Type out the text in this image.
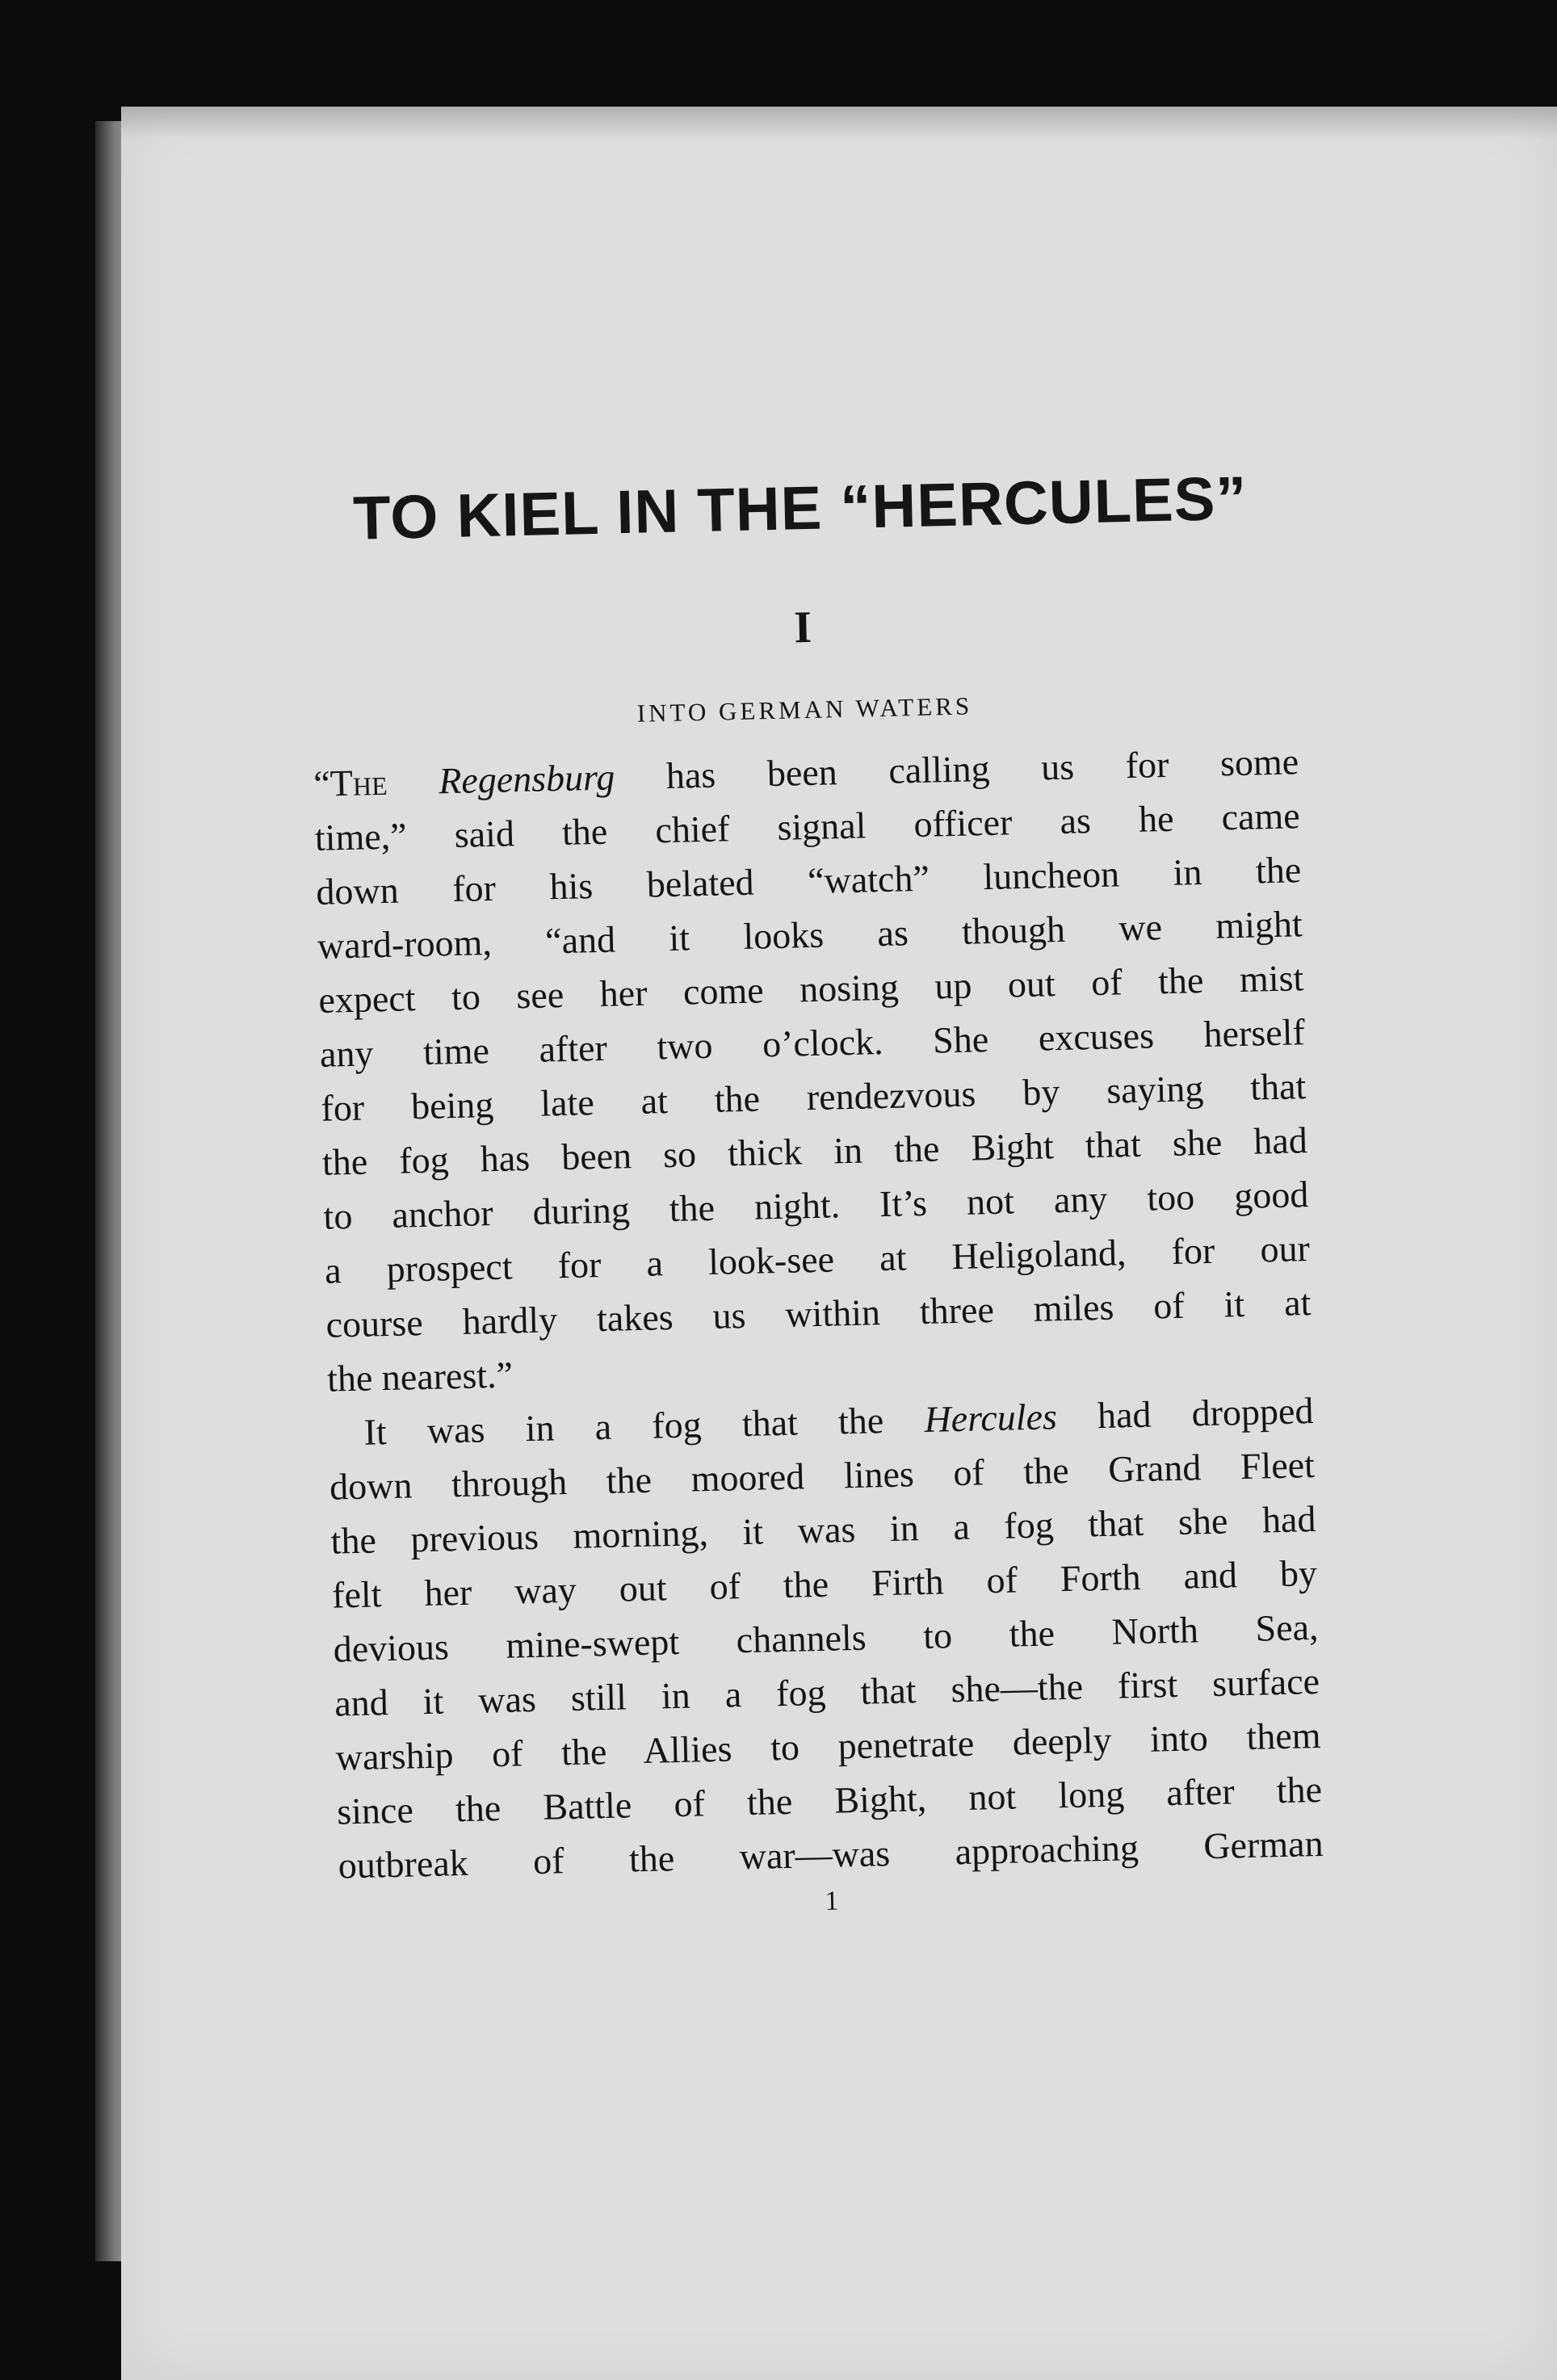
TO KIEL IN THE “HERCULES”
I
INTO GERMAN WATERS

“The Regensburg has been calling us for some
time,” said the chief signal officer as he came
down for his belated “watch” luncheon in the
ward-room, “and it looks as though we might
expect to see her come nosing up out of the mist
any time after two o’clock. She excuses herself
for being late at the rendezvous by saying that
the fog has been so thick in the Bight that she had
to anchor during the night. It’s not any too good
a prospect for a look-see at Heligoland, for our
course hardly takes us within three miles of it at
the nearest.”

It was in a fog that the Hercules had dropped
down through the moored lines of the Grand Fleet
the previous morning, it was in a fog that she had
felt her way out of the Firth of Forth and by
devious mine-swept channels to the North Sea,
and it was still in a fog that she—the first surface
warship of the Allies to penetrate deeply into them
since the Battle of the Bight, not long after the
outbreak of the war—was approaching German

1
